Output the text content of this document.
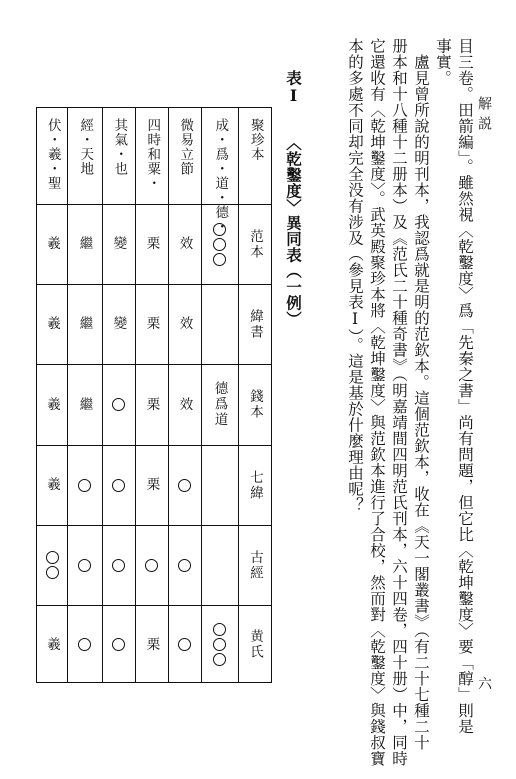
解説
六
目三卷。田箭編」。雖然視〈乾鑿度〉爲「先秦之書」尚有問題，但它比〈乾坤鑿度〉要「醇」則是
事實。
盧見曾所說的明刊本，我認爲就是明的范欽本。這個范欽本，收在《天一閣叢書》（有二十七種二十
册本和十八種十二册本）及《范氏二十種奇書》（明嘉靖間四明范氏刊本，六十四卷，四十册）中，同時
它還收有〈乾坤鑿度〉。武英殿聚珍本將〈乾坤鑿度〉與范欽本進行了合校，然而對〈乾鑿度〉與錢叔寶
本的多處不同却完全没有涉及（參見表Ⅰ）。這是基於什麼理由呢？
表Ⅰ
〈乾鑿度〉異同表（一例）
聚珍本
范本
緯書
錢本
七緯
古經
黄氏
成・爲・道・德・
德爲道
微易立節
效
效
效
四時和粟・
栗
栗
栗
栗
栗
其氣・也
變
變
經・天地
繼
繼
繼
伏・羲・聖
羲
羲
羲
羲
羲
